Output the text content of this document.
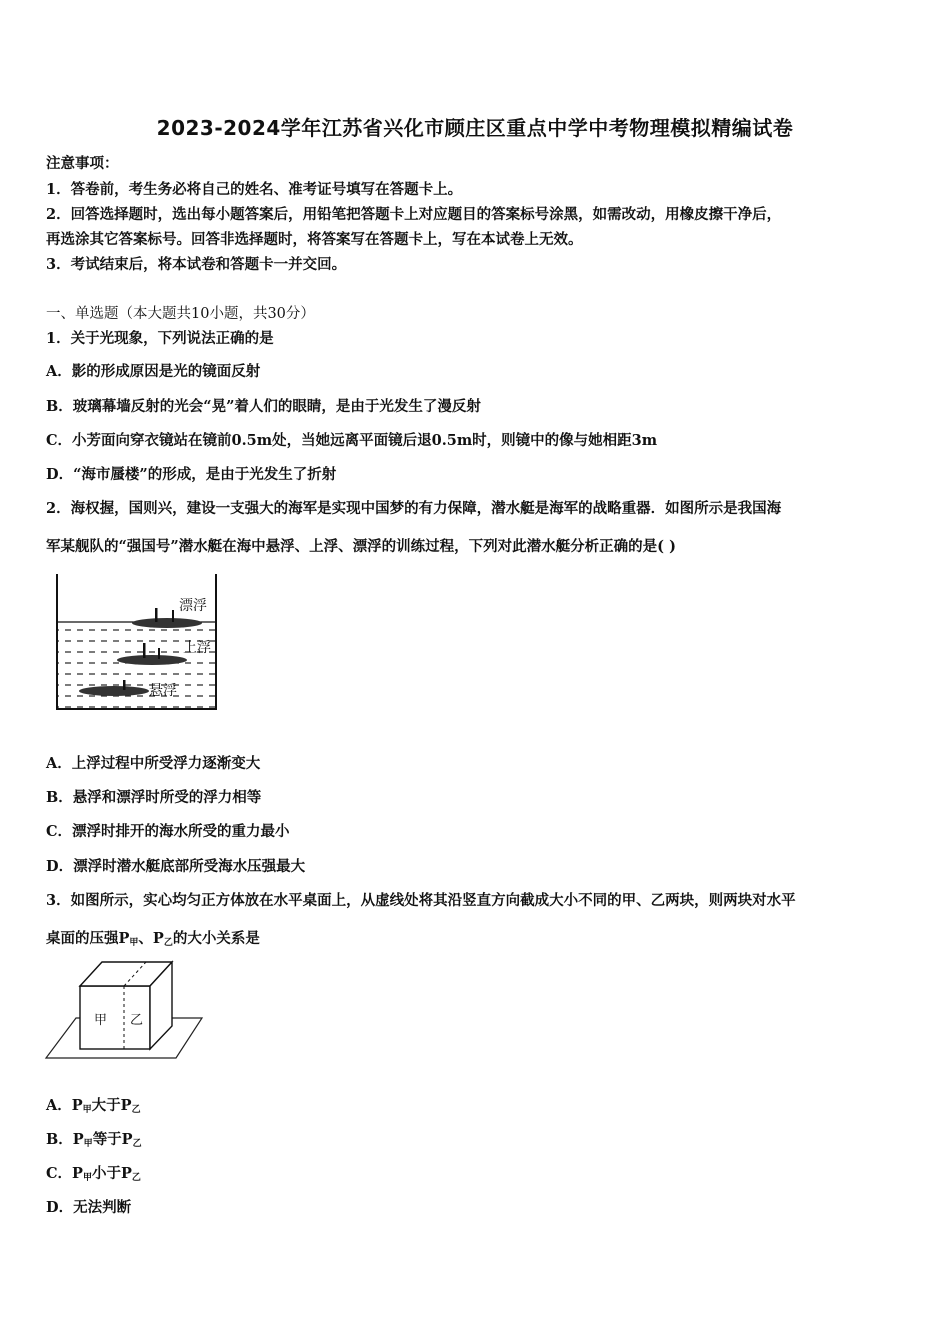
2023-2024学年江苏省兴化市顾庄区重点中学中考物理模拟精编试卷
注意事项：
1．答卷前，考生务必将自己的姓名、准考证号填写在答题卡上。
2．回答选择题时，选出每小题答案后，用铅笔把答题卡上对应题目的答案标号涂黑，如需改动，用橡皮擦干净后，
再选涂其它答案标号。回答非选择题时，将答案写在答题卡上，写在本试卷上无效。
3．考试结束后，将本试卷和答题卡一并交回。
一、单选题（本大题共10小题，共30分）
1．关于光现象，下列说法正确的是
A．影的形成原因是光的镜面反射
B．玻璃幕墙反射的光会“晃”着人们的眼睛，是由于光发生了漫反射
C．小芳面向穿衣镜站在镜前0.5m处，当她远离平面镜后退0.5m时，则镜中的像与她相距3m
D．“海市蜃楼”的形成，是由于光发生了折射
2．海权握，国则兴，建设一支强大的海军是实现中国梦的有力保障，潜水艇是海军的战略重器．如图所示是我国海
军某舰队的“强国号”潜水艇在海中悬浮、上浮、漂浮的训练过程，下列对此潜水艇分析正确的是( )
漂浮
上浮
悬浮
A．上浮过程中所受浮力逐渐变大
B．悬浮和漂浮时所受的浮力相等
C．漂浮时排开的海水所受的重力最小
D．漂浮时潜水艇底部所受海水压强最大
3．如图所示，实心均匀正方体放在水平桌面上，从虚线处将其沿竖直方向截成大小不同的甲、乙两块，则两块对水平
桌面的压强$P_甲$、$P_乙$的大小关系是
甲 乙
A．$P_甲$大于$P_乙$
B．$P_甲$等于$P_乙$
C．$P_甲$小于$P_乙$
D．无法判断
